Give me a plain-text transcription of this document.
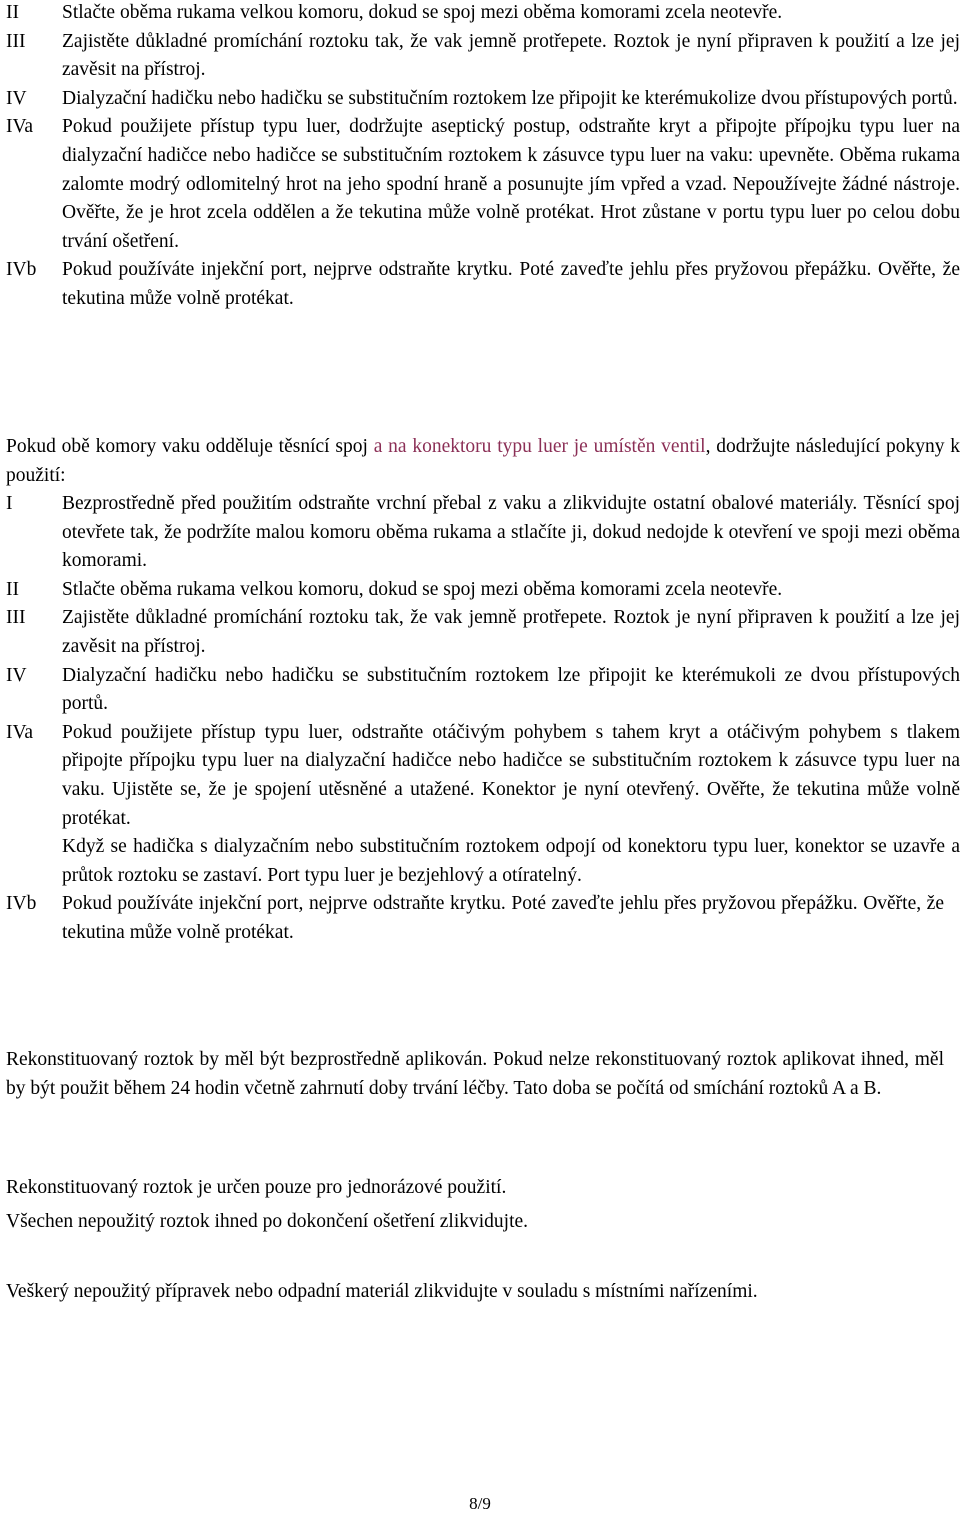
II	Stlačte oběma rukama velkou komoru, dokud se spoj mezi oběma komorami zcela neotevře.
III	Zajistěte důkladné promíchání roztoku tak, že vak jemně protřepete. Roztok je nyní připraven k použití a lze jej zavěsit na přístroj.
IV	Dialyzační hadičku nebo hadičku se substitučním roztokem lze připojit ke kterémukolize dvou přístupových portů.
IVa	Pokud použijete přístup typu luer, dodržujte aseptický postup, odstraňte kryt a připojte přípojku typu luer na dialyzační hadičce nebo hadičce se substitučním roztokem k zásuvce typu luer na vaku: upevněte. Oběma rukama zalomte modrý odlomitelný hrot na jeho spodní hraně a posunujte jím vpřed a vzad. Nepoužívejte žádné nástroje. Ověřte, že je hrot zcela oddělen a že tekutina může volně protékat. Hrot zůstane v portu typu luer po celou dobu trvání ošetření.
IVb	Pokud používáte injekční port, nejprve odstraňte krytku. Poté zaveďte jehlu přes pryžovou přepážku. Ověřte, že tekutina může volně protékat.

Pokud obě komory vaku odděluje těsnící spoj a na konektoru typu luer je umístěn ventil, dodržujte následující pokyny k použití:

I	Bezprostředně před použitím odstraňte vrchní přebal z vaku a zlikvidujte ostatní obalové materiály. Těsnící spoj otevřete tak, že podržíte malou komoru oběma rukama a stlačíte ji, dokud nedojde k otevření ve spoji mezi oběma komorami.
II	Stlačte oběma rukama velkou komoru, dokud se spoj mezi oběma komorami zcela neotevře.
III	Zajistěte důkladné promíchání roztoku tak, že vak jemně protřepete. Roztok je nyní připraven k použití a lze jej zavěsit na přístroj.
IV	Dialyzační hadičku nebo hadičku se substitučním roztokem lze připojit ke kterémukoli ze dvou přístupových portů.
IVa	Pokud použijete přístup typu luer, odstraňte otáčivým pohybem s tahem kryt a otáčivým pohybem s tlakem připojte přípojku typu luer na dialyzační hadičce nebo hadičce se substitučním roztokem k zásuvce typu luer na vaku. Ujistěte se, že je spojení utěsněné a utažené. Konektor je nyní otevřený. Ověřte, že tekutina může volně protékat.

Když se hadička s dialyzačním nebo substitučním roztokem odpojí od konektoru typu luer, konektor se uzavře a průtok roztoku se zastaví. Port typu luer je bezjehlový a otíratelný.

IVb	Pokud používáte injekční port, nejprve odstraňte krytku. Poté zaveďte jehlu přes pryžovou přepážku. Ověřte, že tekutina může volně protékat.

Rekonstituovaný roztok by měl být bezprostředně aplikován. Pokud nelze rekonstituovaný roztok aplikovat ihned, měl by být použit během 24 hodin včetně zahrnutí doby trvání léčby. Tato doba se počítá od smíchání roztoků A a B.

Rekonstituovaný roztok je určen pouze pro jednorázové použití.

Všechen nepoužitý roztok ihned po dokončení ošetření zlikvidujte.

Veškerý nepoužitý přípravek nebo odpadní materiál zlikvidujte v souladu s místními nařízeními.

8/9
